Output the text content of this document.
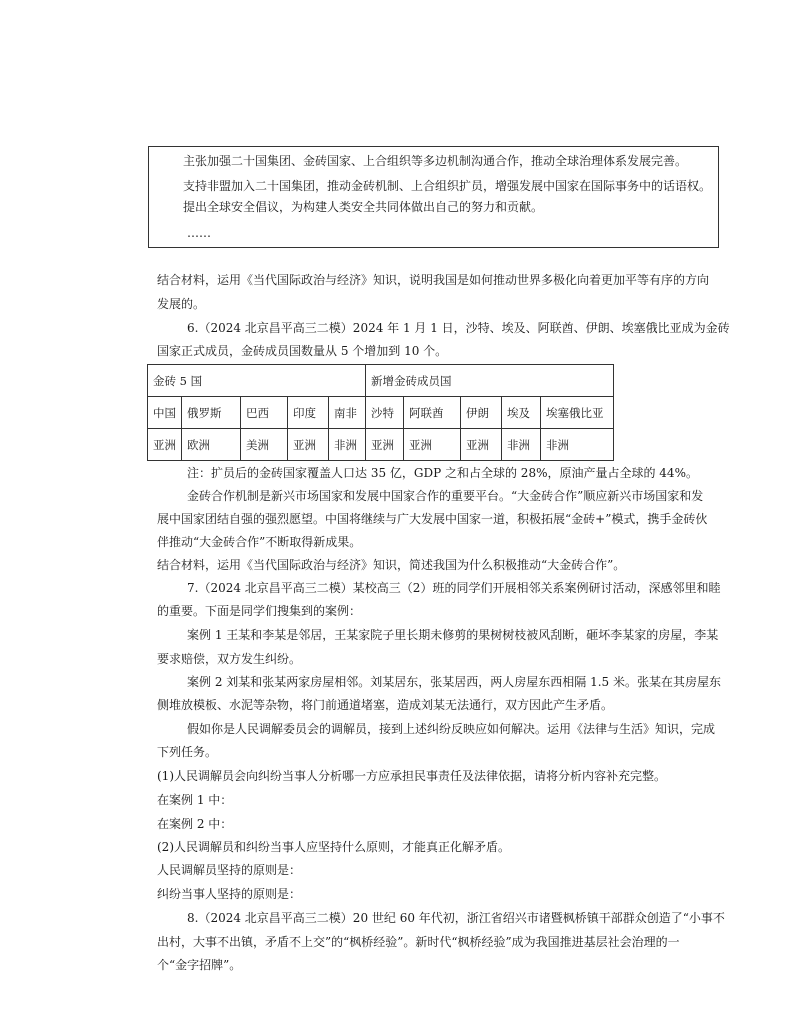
主张加强二十国集团、金砖国家、上合组织等多边机制沟通合作，推动全球治理体系发展完善。
支持非盟加入二十国集团，推动金砖机制、上合组织扩员，增强发展中国家在国际事务中的话语权。
提出全球安全倡议，为构建人类安全共同体做出自己的努力和贡献。
……
结合材料，运用《当代国际政治与经济》知识，说明我国是如何推动世界多极化向着更加平等有序的方向
发展的。
6.（2024 北京昌平高三二模）2024 年 1 月 1 日，沙特、埃及、阿联酋、伊朗、埃塞俄比亚成为金砖
国家正式成员，金砖成员国数量从 5 个增加到 10 个。
金砖 5 国					新增金砖成员国				
中国	俄罗斯	巴西	印度	南非	沙特	阿联酋	伊朗	埃及	埃塞俄比亚
亚洲	欧洲	美洲	亚洲	非洲	亚洲	亚洲	亚洲	非洲	非洲
注：扩员后的金砖国家覆盖人口达 35 亿，GDP 之和占全球的 28%，原油产量占全球的 44%。
金砖合作机制是新兴市场国家和发展中国家合作的重要平台。“大金砖合作”顺应新兴市场国家和发
展中国家团结自强的强烈愿望。中国将继续与广大发展中国家一道，积极拓展“金砖+”模式，携手金砖伙
伴推动“大金砖合作”不断取得新成果。
结合材料，运用《当代国际政治与经济》知识，简述我国为什么积极推动“大金砖合作”。
7.（2024 北京昌平高三二模）某校高三（2）班的同学们开展相邻关系案例研讨活动，深感邻里和睦
的重要。下面是同学们搜集到的案例：
案例 1 王某和李某是邻居，王某家院子里长期未修剪的果树树枝被风刮断，砸坏李某家的房屋，李某
要求赔偿，双方发生纠纷。
案例 2 刘某和张某两家房屋相邻。刘某居东，张某居西，两人房屋东西相隔 1.5 米。张某在其房屋东
侧堆放模板、水泥等杂物，将门前通道堵塞，造成刘某无法通行，双方因此产生矛盾。
假如你是人民调解委员会的调解员，接到上述纠纷反映应如何解决。运用《法律与生活》知识，完成
下列任务。
(1)人民调解员会向纠纷当事人分析哪一方应承担民事责任及法律依据，请将分析内容补充完整。
在案例 1 中：
在案例 2 中：
(2)人民调解员和纠纷当事人应坚持什么原则，才能真正化解矛盾。
人民调解员坚持的原则是：
纠纷当事人坚持的原则是：
8.（2024 北京昌平高三二模）20 世纪 60 年代初，浙江省绍兴市诸暨枫桥镇干部群众创造了“小事不
出村，大事不出镇，矛盾不上交”的“枫桥经验”。新时代“枫桥经验”成为我国推进基层社会治理的一
个“金字招牌”。
